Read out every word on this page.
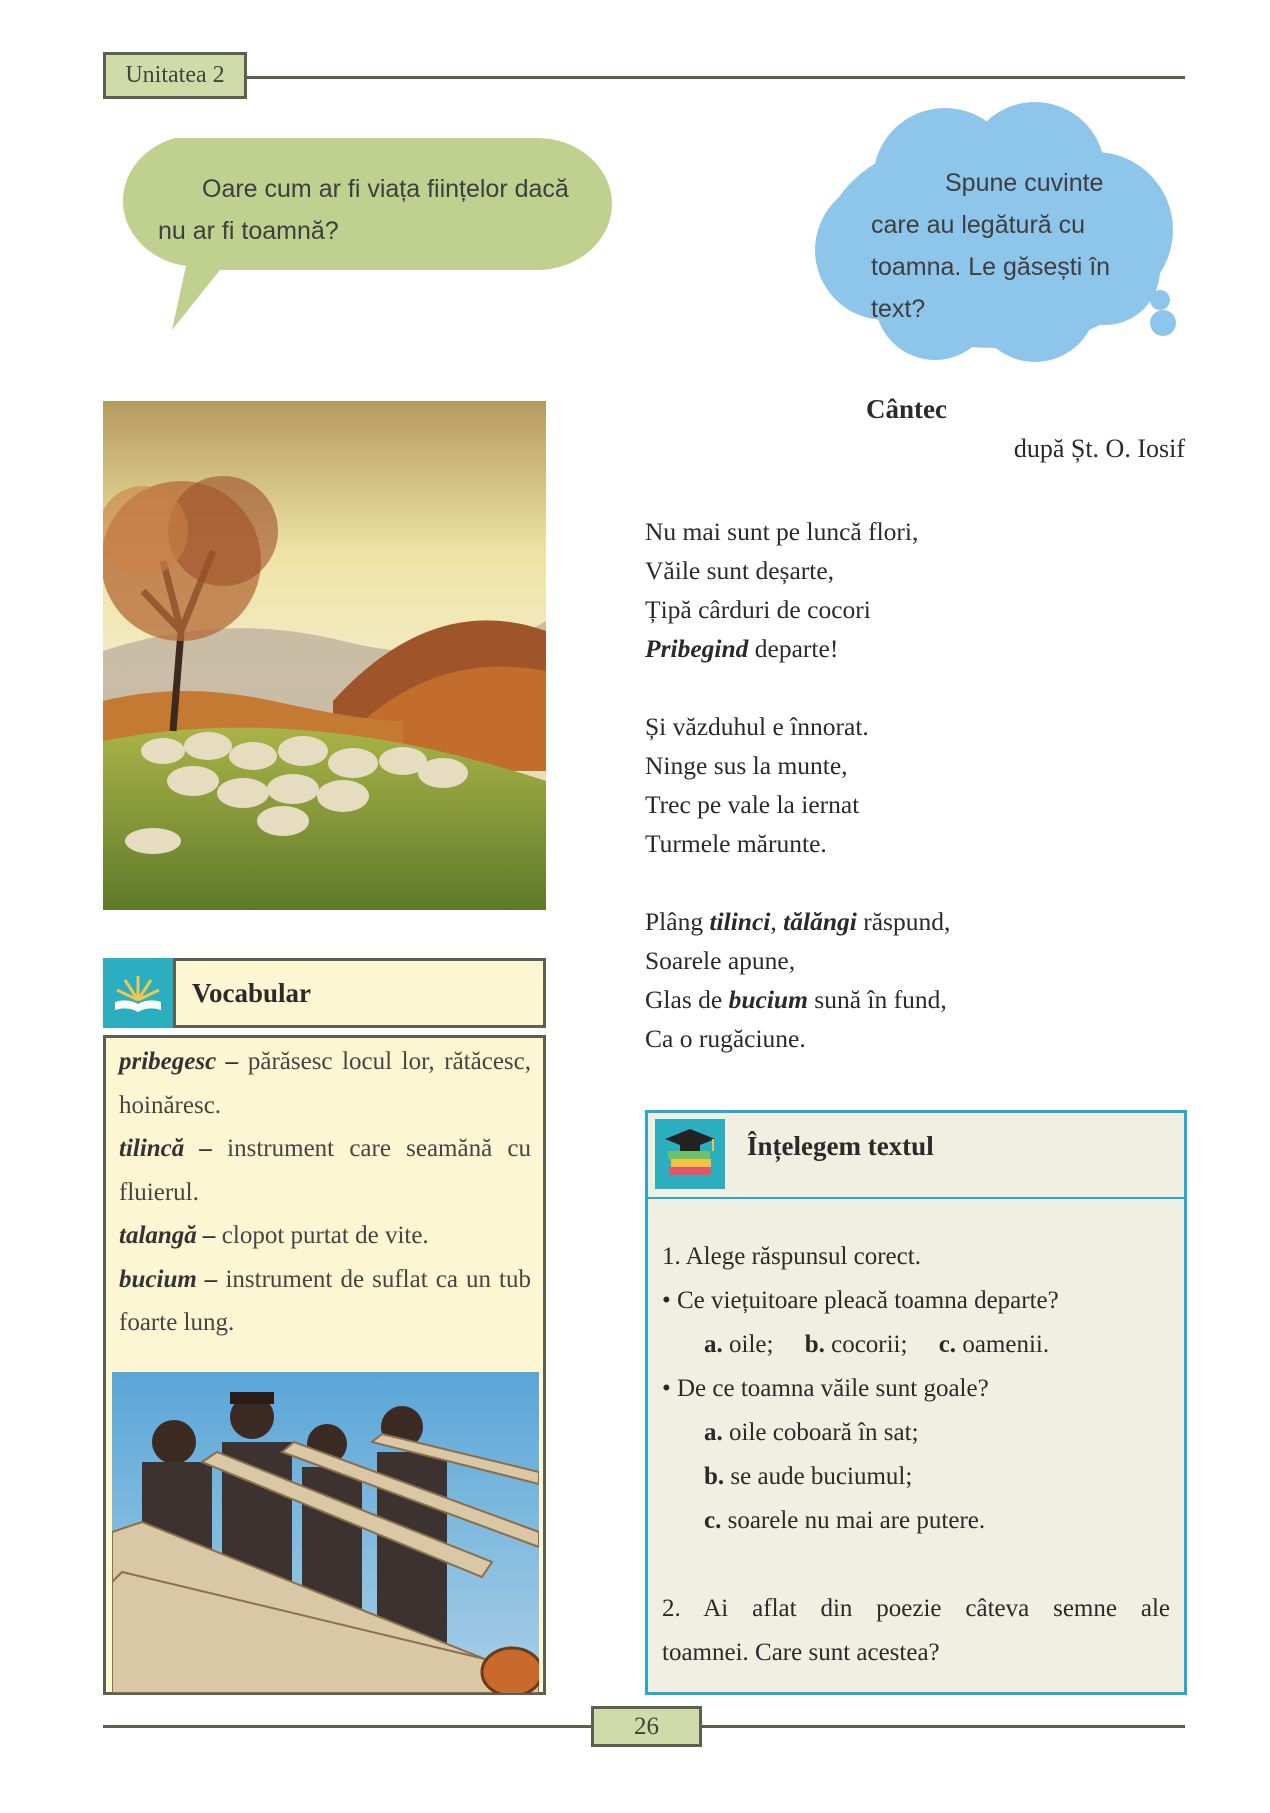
Unitatea 2
Oare cum ar fi viața ființelor dacă nu ar fi toamnă?
Spune cuvinte care au legătură cu toamna. Le găsești în text?
Cântec
după Șt. O. Iosif
Nu mai sunt pe luncă flori,
Văile sunt deșarte,
Țipă cârduri de cocori
Pribegind departe!
Și văzduhul e înnorat.
Ninge sus la munte,
Trec pe vale la iernat
Turmele mărunte.
Plâng tilinci, tălăngi răspund,
Soarele apune,
Glas de bucium sună în fund,
Ca o rugăciune.
Vocabular

pribegesc – părăsesc locul lor, rătăcesc, hoinăresc.

tilincă – instrument care seamănă cu fluierul.

talangă – clopot purtat de vite.

bucium – instrument de suflat ca un tub foarte lung.

Înțelegem textul

1. Alege răspunsul corect.

• Ce viețuitoare pleacă toamna departe?

a. oile; b. cocorii; c. oamenii.

• De ce toamna văile sunt goale?

a. oile coboară în sat;

b. se aude buciumul;

c. soarele nu mai are putere.

2. Ai aflat din poezie câteva semne ale

toamnei. Care sunt acestea?

26
